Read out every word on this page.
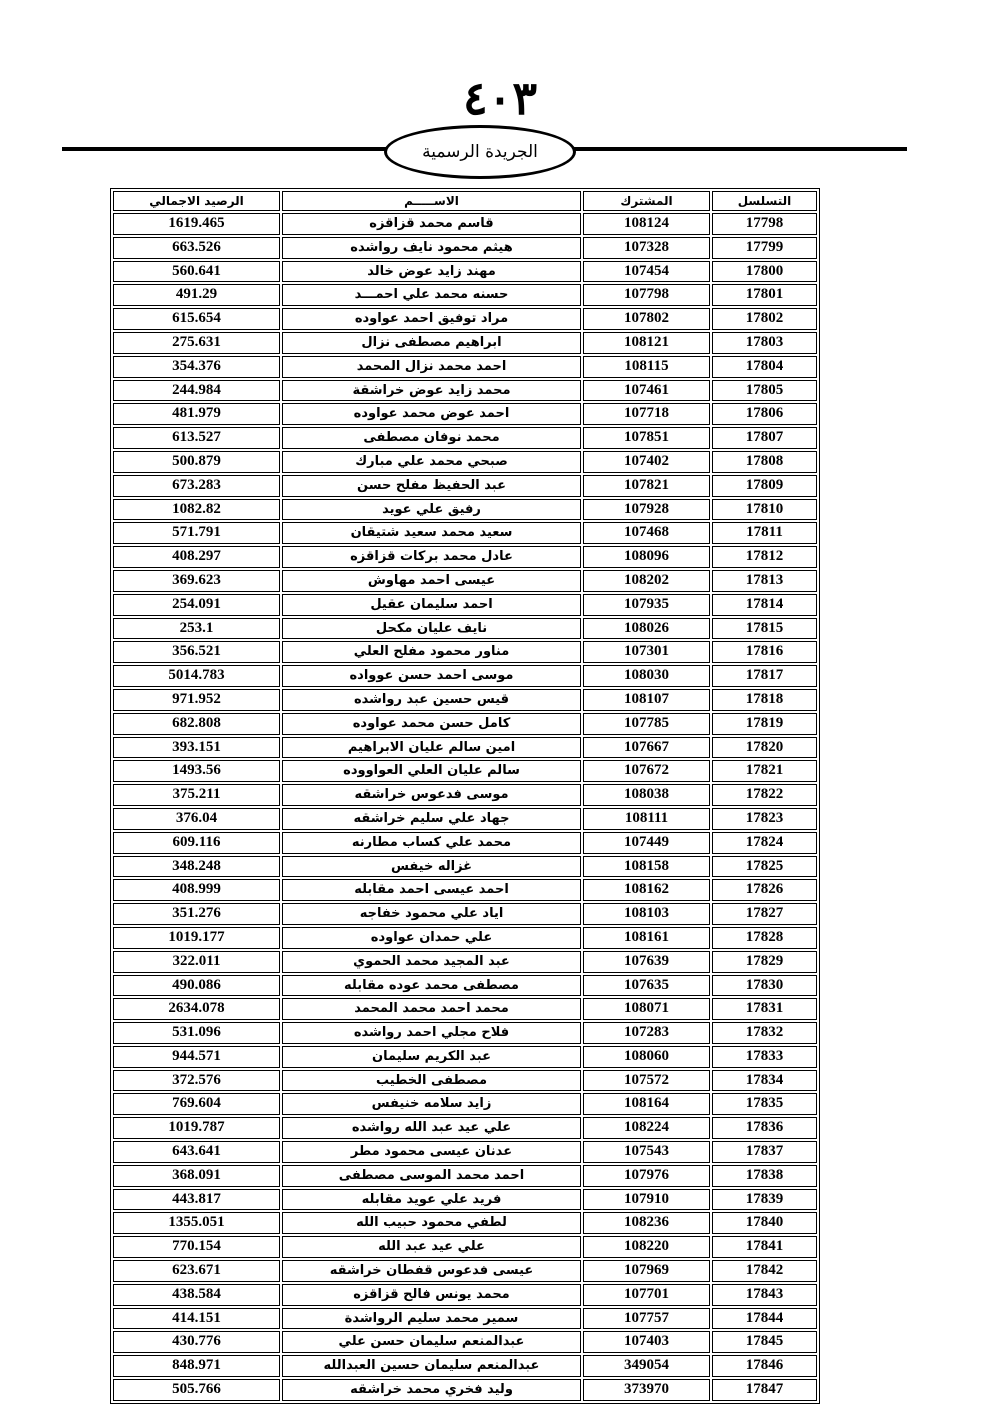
٤٠٣
الجريدة الرسمية
التسلسل	المشترك	الاســـــم	الرصيد الاجمالي
17798	108124	قاسم محمد قزاقزه	1619.465
17799	107328	هيثم محمود نايف رواشده	663.526
17800	107454	مهند زايد عوض خالد	560.641
17801	107798	حسنه محمد علي احمـــد	491.29
17802	107802	مراد توفيق احمد عواوده	615.654
17803	108121	ابراهيم مصطفى نزال	275.631
17804	108115	احمد محمد نزال المحمد	354.376
17805	107461	محمد زايد عوض خراشقة	244.984
17806	107718	احمد عوض محمد عواوده	481.979
17807	107851	محمد نوفان مصطفى	613.527
17808	107402	صبحي محمد علي مبارك	500.879
17809	107821	عبد الحفيظ مفلح حسن	673.283
17810	107928	رفيق علي عويد	1082.82
17811	107468	سعيد محمد سعيد شتيقان	571.791
17812	108096	عادل محمد بركات قزاقزه	408.297
17813	108202	عيسى احمد مهاوش	369.623
17814	107935	احمد سليمان عقيل	254.091
17815	108026	نايف عليان مكحل	253.1
17816	107301	مناور محمود مفلح العلي	356.521
17817	108030	موسى احمد حسن عوواده	5014.783
17818	108107	قيس حسين عبد رواشده	971.952
17819	107785	كامل حسن محمد عواوده	682.808
17820	107667	امين سالم عليان الابراهيم	393.151
17821	107672	سالم عليان العلي العواووده	1493.56
17822	108038	موسى فدعوس خراشقه	375.211
17823	108111	جهاد علي سليم خراشقه	376.04
17824	107449	محمد علي كساب مطارنه	609.116
17825	108158	غزاله خيفس	348.248
17826	108162	احمد عيسى احمد مقابله	408.999
17827	108103	اياد علي محمود خفاجه	351.276
17828	108161	علي حمدان عواوده	1019.177
17829	107639	عبد المجيد محمد الحموي	322.011
17830	107635	مصطفى محمد عوده مقابله	490.086
17831	108071	محمد احمد محمد المحمد	2634.078
17832	107283	فلاح مجلي احمد رواشده	531.096
17833	108060	عبد الكريم سليمان	944.571
17834	107572	مصطفى الخطيب	372.576
17835	108164	زايد سلامه خنيفس	769.604
17836	108224	علي عيد عبد الله رواشده	1019.787
17837	107543	عدنان عيسى محمود مطر	643.641
17838	107976	احمد محمد الموسى مصطفى	368.091
17839	107910	فريد علي عويد مقابله	443.817
17840	108236	لطفي محمود حبيب الله	1355.051
17841	108220	علي عيد عبد الله	770.154
17842	107969	عيسى فدعوس قفطان خراشقه	623.671
17843	107701	محمد يونس فالح قزاقزه	438.584
17844	107757	سمير محمد سليم الرواشدة	414.151
17845	107403	عبدالمنعم سليمان حسن علي	430.776
17846	349054	عبدالمنعم سليمان حسين العبدالله	848.971
17847	373970	وليد فخري محمد خراشقه	505.766
